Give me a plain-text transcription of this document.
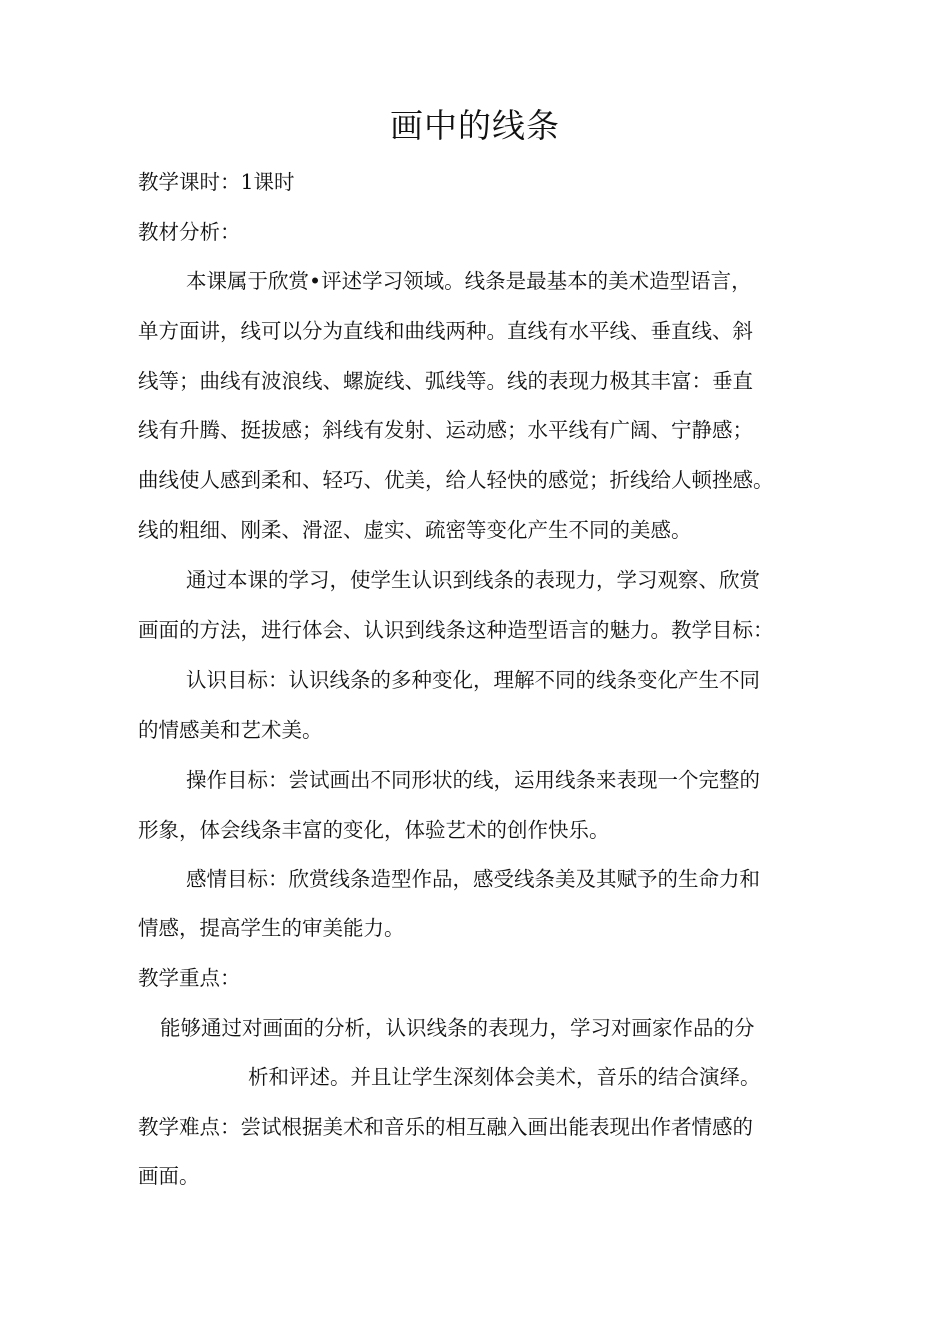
画中的线条
教学课时：1课时
教材分析：
本课属于欣赏•评述学习领域。线条是最基本的美术造型语言，
单方面讲，线可以分为直线和曲线两种。直线有水平线、垂直线、斜
线等；曲线有波浪线、螺旋线、弧线等。线的表现力极其丰富：垂直
线有升腾、挺拔感；斜线有发射、运动感；水平线有广阔、宁静感；
曲线使人感到柔和、轻巧、优美，给人轻快的感觉；折线给人顿挫感。
线的粗细、刚柔、滑涩、虚实、疏密等变化产生不同的美感。
通过本课的学习，使学生认识到线条的表现力，学习观察、欣赏
画面的方法，进行体会、认识到线条这种造型语言的魅力。教学目标：
认识目标：认识线条的多种变化，理解不同的线条变化产生不同
的情感美和艺术美。
操作目标：尝试画出不同形状的线，运用线条来表现一个完整的
形象，体会线条丰富的变化，体验艺术的创作快乐。
感情目标：欣赏线条造型作品，感受线条美及其赋予的生命力和
情感，提高学生的审美能力。
教学重点：
能够通过对画面的分析，认识线条的表现力，学习对画家作品的分
析和评述。并且让学生深刻体会美术，音乐的结合演绎。
教学难点：尝试根据美术和音乐的相互融入画出能表现出作者情感的
画面。
